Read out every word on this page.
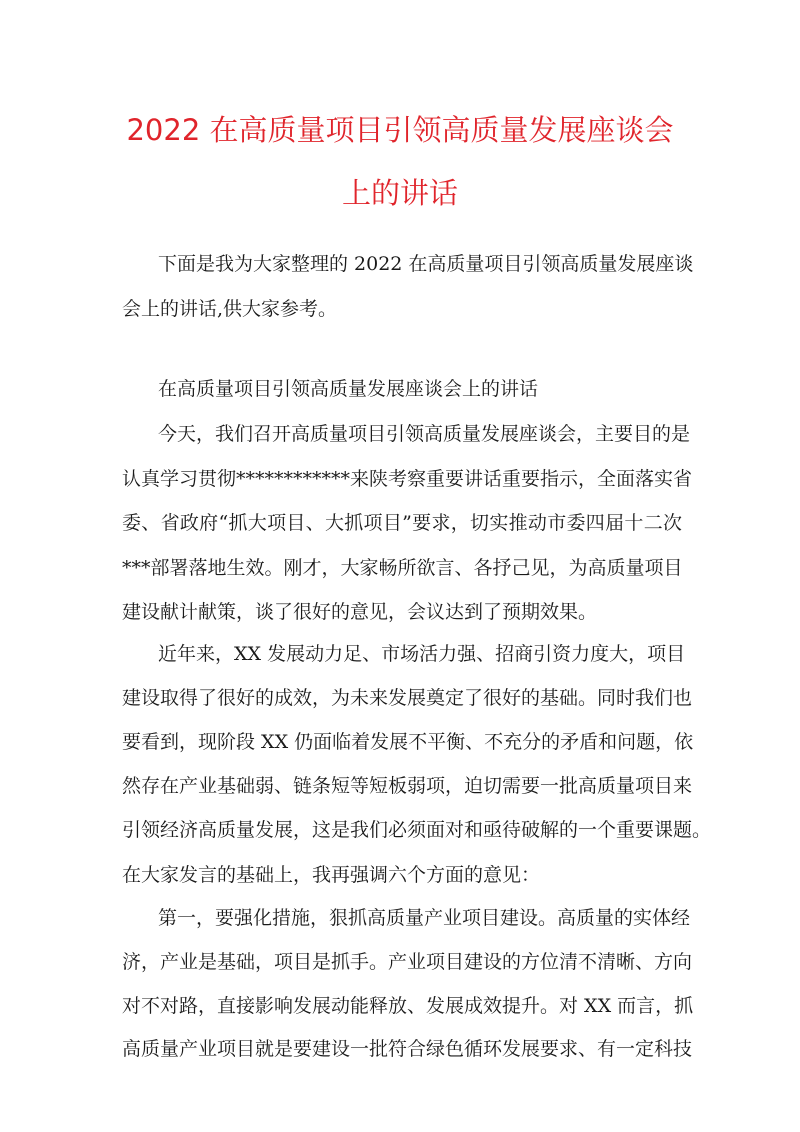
2022 在高质量项目引领高质量发展座谈会
上的讲话

下面是我为大家整理的 2022 在高质量项目引领高质量发展座谈

会上的讲话,供大家参考。

在高质量项目引领高质量发展座谈会上的讲话

今天，我们召开高质量项目引领高质量发展座谈会，主要目的是

认真学习贯彻************来陕考察重要讲话重要指示，全面落实省

委、省政府“抓大项目、大抓项目”要求，切实推动市委四届十二次

***部署落地生效。刚才，大家畅所欲言、各抒己见，为高质量项目

建设献计献策，谈了很好的意见，会议达到了预期效果。

近年来，XX 发展动力足、市场活力强、招商引资力度大，项目

建设取得了很好的成效，为未来发展奠定了很好的基础。同时我们也

要看到，现阶段 XX 仍面临着发展不平衡、不充分的矛盾和问题，依

然存在产业基础弱、链条短等短板弱项，迫切需要一批高质量项目来

引领经济高质量发展，这是我们必须面对和亟待破解的一个重要课题。

在大家发言的基础上，我再强调六个方面的意见：

第一，要强化措施，狠抓高质量产业项目建设。高质量的实体经

济，产业是基础，项目是抓手。产业项目建设的方位清不清晰、方向

对不对路，直接影响发展动能释放、发展成效提升。对 XX 而言，抓

高质量产业项目就是要建设一批符合绿色循环发展要求、有一定科技
